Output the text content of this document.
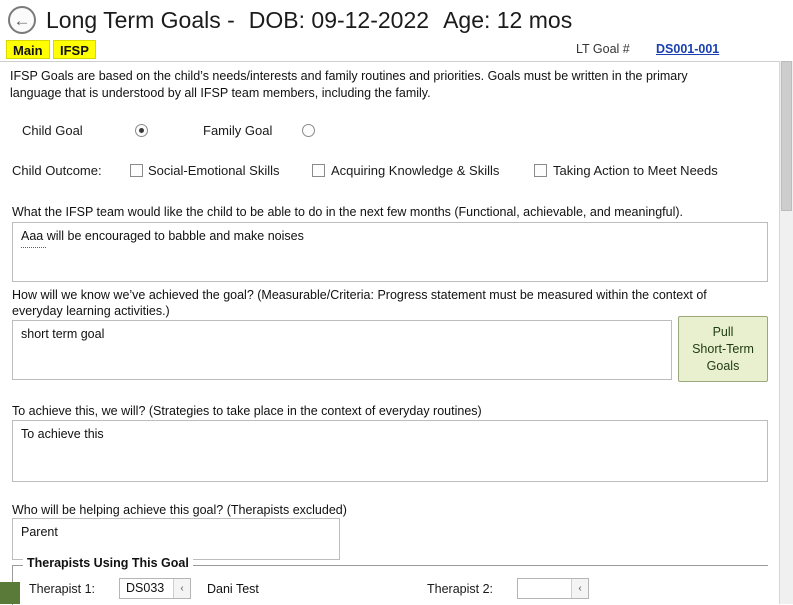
← Long Term Goals - DOB: 09-12-2022 Age: 12 mos
Main	IFSP	LT Goal # DS001-001
IFSP Goals are based on the child’s needs/interests and family routines and priorities. Goals must be written in the primary language that is understood by all IFSP team members, including the family.
Child Goal	Family Goal
Child Outcome:	Social-Emotional Skills	Acquiring Knowledge & Skills	Taking Action to Meet Needs
What the IFSP team would like the child to be able to do in the next few months (Functional, achievable, and meaningful).
Aaa will be encouraged to babble and make noises
How will we know we’ve achieved the goal? (Measurable/Criteria: Progress statement must be measured within the context of everyday learning activities.)
short term goal	Pull
Short-Term
Goals
To achieve this, we will? (Strategies to take place in the context of everyday routines)
To achieve this
Who will be helping achieve this goal? (Therapists excluded)
Parent
Therapists Using This Goal
Therapist 1:	DS033	‹	Dani Test	Therapist 2:	‹
